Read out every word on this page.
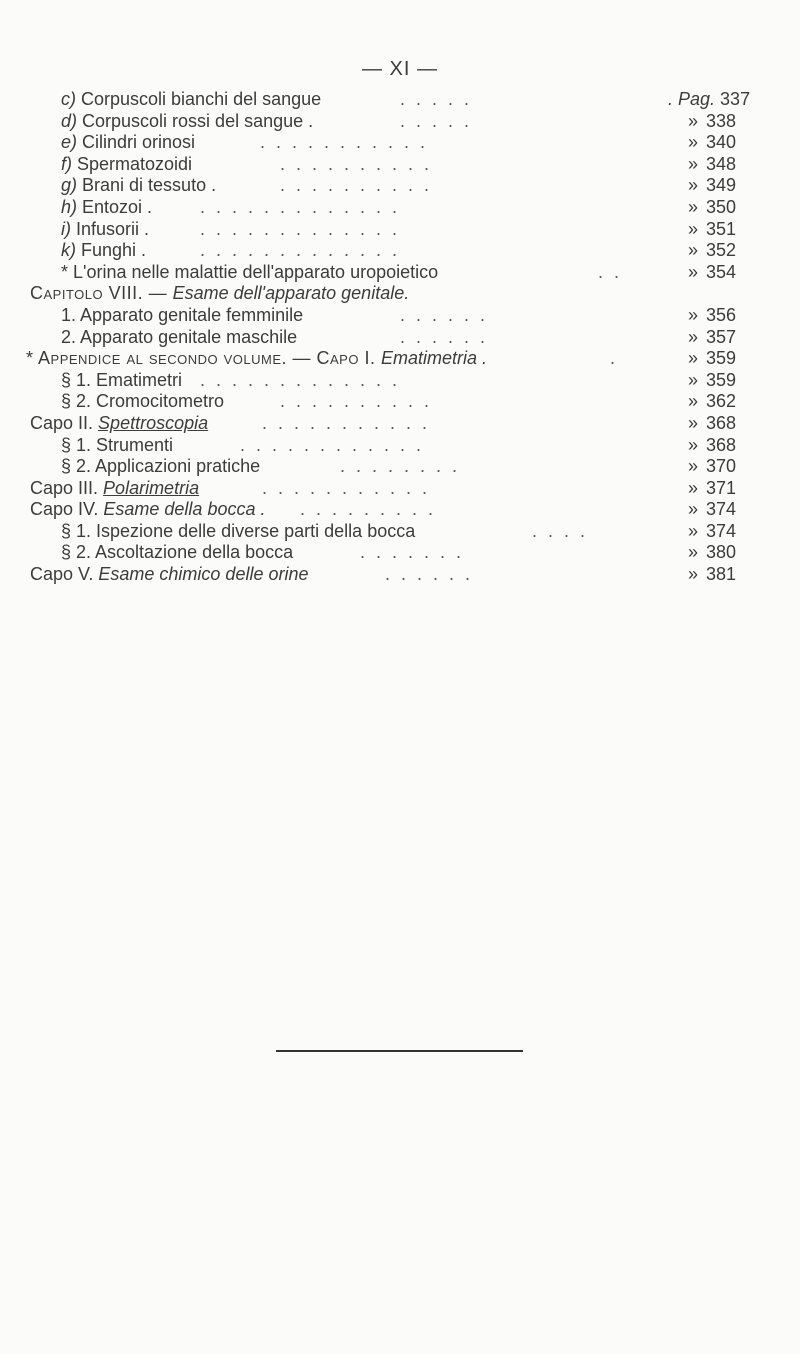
— XI —
c) Corpuscoli bianchi del sangue	.....	. Pag. 337
d) Corpuscoli rossi del sangue .	.....	» 338
e) Cilindri orinosi	...........	» 340
f) Spermatozoidi	..........	» 348
g) Brani di tessuto .	..........	» 349
h) Entozoi .	.............	» 350
i) Infusorii .	.............	» 351
k) Funghi .	.............	» 352
* L'orina nelle malattie dell'apparato uropoietico	..	» 354
Capitolo VIII. — Esame dell'apparato genitale.
1. Apparato genitale femminile	......	» 356
2. Apparato genitale maschile	......	» 357
* Appendice al secondo volume. — Capo I. Ematimetria .	.	» 359
§ 1. Ematimetri .............	» 359
§ 2. Cromocitometro	..........	» 362
Capo II. Spettroscopia	...........	» 368
§ 1. Strumenti	............	» 368
§ 2. Applicazioni pratiche	........	» 370
Capo III. Polarimetria	...........	» 371
Capo IV. Esame della bocca . .........	» 374
§ 1. Ispezione delle diverse parti della bocca	....	» 374
§ 2. Ascoltazione della bocca	.......	» 380
Capo V. Esame chimico delle orine	......	» 381
